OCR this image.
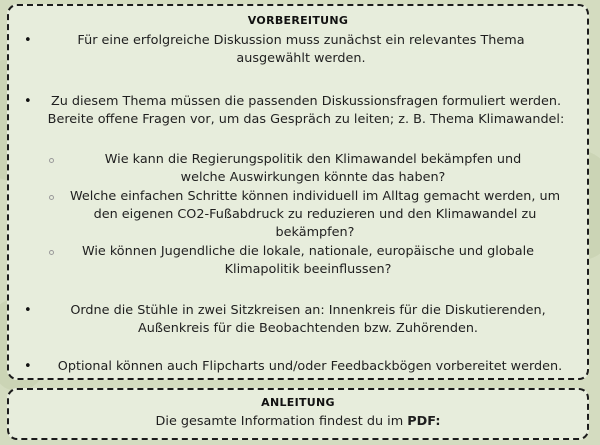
VORBEREITUNG
•	Für eine erfolgreiche Diskussion muss zunächst ein relevantes Thema ausgewählt werden.
•	Zu diesem Thema müssen die passenden Diskussionsfragen formuliert werden. Bereite offene Fragen vor, um das Gespräch zu leiten; z. B. Thema Klimawandel:
Wie kann die Regierungspolitik den Klimawandel bekämpfen und welche Auswirkungen könnte das haben?
Welche einfachen Schritte können individuell im Alltag gemacht werden, um den eigenen CO2-Fußabdruck zu reduzieren und den Klimawandel zu bekämpfen?
Wie können Jugendliche die lokale, nationale, europäische und globale Klimapolitik beeinflussen?
•	Ordne die Stühle in zwei Sitzkreisen an: Innenkreis für die Diskutierenden, Außenkreis für die Beobachtenden bzw. Zuhörenden.
•	Optional können auch Flipcharts und/oder Feedbackbögen vorbereitet werden.
ANLEITUNG
Die gesamte Information findest du im PDF:
